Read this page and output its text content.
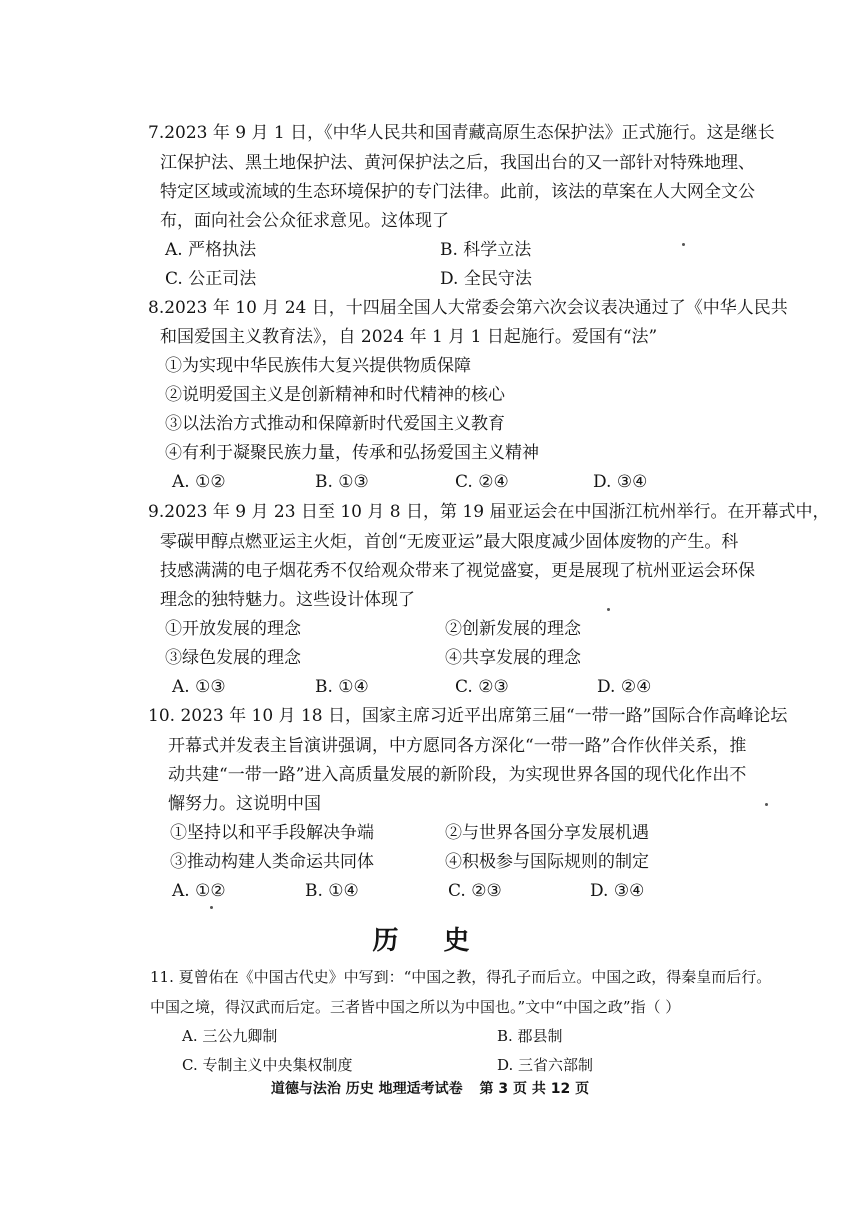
7.2023 年 9 月 1 日，《中华人民共和国青藏高原生态保护法》正式施行。这是继长
江保护法、黑土地保护法、黄河保护法之后，我国出台的又一部针对特殊地理、
特定区域或流域的生态环境保护的专门法律。此前，该法的草案在人大网全文公
布，面向社会公众征求意见。这体现了
A. 严格执法	B. 科学立法
C. 公正司法	D. 全民守法
8.2023 年 10 月 24 日，十四届全国人大常委会第六次会议表决通过了《中华人民共
和国爱国主义教育法》，自 2024 年 1 月 1 日起施行。爱国有“法”
①为实现中华民族伟大复兴提供物质保障
②说明爱国主义是创新精神和时代精神的核心
③以法治方式推动和保障新时代爱国主义教育
④有利于凝聚民族力量，传承和弘扬爱国主义精神
A. ①②	B. ①③	C. ②④	D. ③④
9.2023 年 9 月 23 日至 10 月 8 日，第 19 届亚运会在中国浙江杭州举行。在开幕式中，
零碳甲醇点燃亚运主火炬，首创“无废亚运”最大限度减少固体废物的产生。科
技感满满的电子烟花秀不仅给观众带来了视觉盛宴，更是展现了杭州亚运会环保
理念的独特魅力。这些设计体现了
①开放发展的理念	②创新发展的理念
③绿色发展的理念	④共享发展的理念
A. ①③	B. ①④	C. ②③	D. ②④
10. 2023 年 10 月 18 日，国家主席习近平出席第三届“一带一路”国际合作高峰论坛
开幕式并发表主旨演讲强调，中方愿同各方深化“一带一路”合作伙伴关系，推
动共建“一带一路”进入高质量发展的新阶段，为实现世界各国的现代化作出不
懈努力。这说明中国
①坚持以和平手段解决争端	②与世界各国分享发展机遇
③推动构建人类命运共同体	④积极参与国际规则的制定
A. ①②	B. ①④	C. ②③	D. ③④
历 史
11. 夏曾佑在《中国古代史》中写到：“中国之教，得孔子而后立。中国之政，得秦皇而后行。
中国之境，得汉武而后定。三者皆中国之所以为中国也。”文中“中国之政”指（ ）
A. 三公九卿制	B. 郡县制
C. 专制主义中央集权制度	D. 三省六部制
道德与法治 历史 地理适考试卷 第 3 页 共 12 页
